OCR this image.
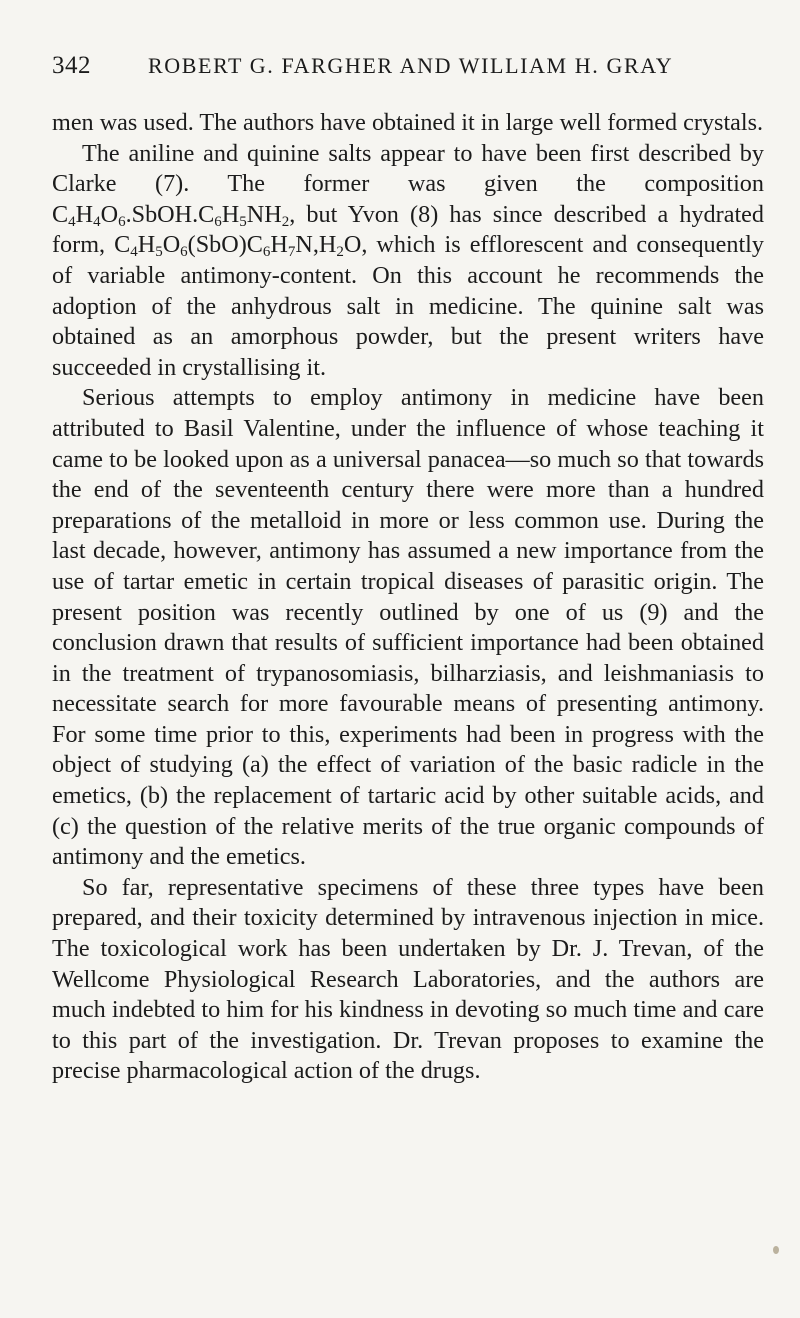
342	ROBERT G. FARGHER AND WILLIAM H. GRAY

men was used. The authors have obtained it in large well formed crystals.

The aniline and quinine salts appear to have been first described by Clarke (7). The former was given the composition $C_4H_4O_6.SbOH.C_6H_5NH_2$, but Yvon (8) has since described a hydrated form, $C_4H_5O_6(SbO)C_6H_7N,H_2O$, which is efflorescent and consequently of variable antimony-content. On this account he recommends the adoption of the anhydrous salt in medicine. The quinine salt was obtained as an amorphous powder, but the present writers have succeeded in crystallising it.

Serious attempts to employ antimony in medicine have been attributed to Basil Valentine, under the influence of whose teaching it came to be looked upon as a universal panacea—so much so that towards the end of the seventeenth century there were more than a hundred preparations of the metalloid in more or less common use. During the last decade, however, antimony has assumed a new importance from the use of tartar emetic in certain tropical diseases of parasitic origin. The present position was recently outlined by one of us (9) and the conclusion drawn that results of sufficient importance had been obtained in the treatment of trypanosomiasis, bilharziasis, and leishmaniasis to necessitate search for more favourable means of presenting antimony. For some time prior to this, experiments had been in progress with the object of studying (a) the effect of variation of the basic radicle in the emetics, (b) the replacement of tartaric acid by other suitable acids, and (c) the question of the relative merits of the true organic compounds of antimony and the emetics.

So far, representative specimens of these three types have been prepared, and their toxicity determined by intravenous injection in mice. The toxicological work has been undertaken by Dr. J. Trevan, of the Wellcome Physiological Research Laboratories, and the authors are much indebted to him for his kindness in devoting so much time and care to this part of the investigation. Dr. Trevan proposes to examine the precise pharmacological action of the drugs.
